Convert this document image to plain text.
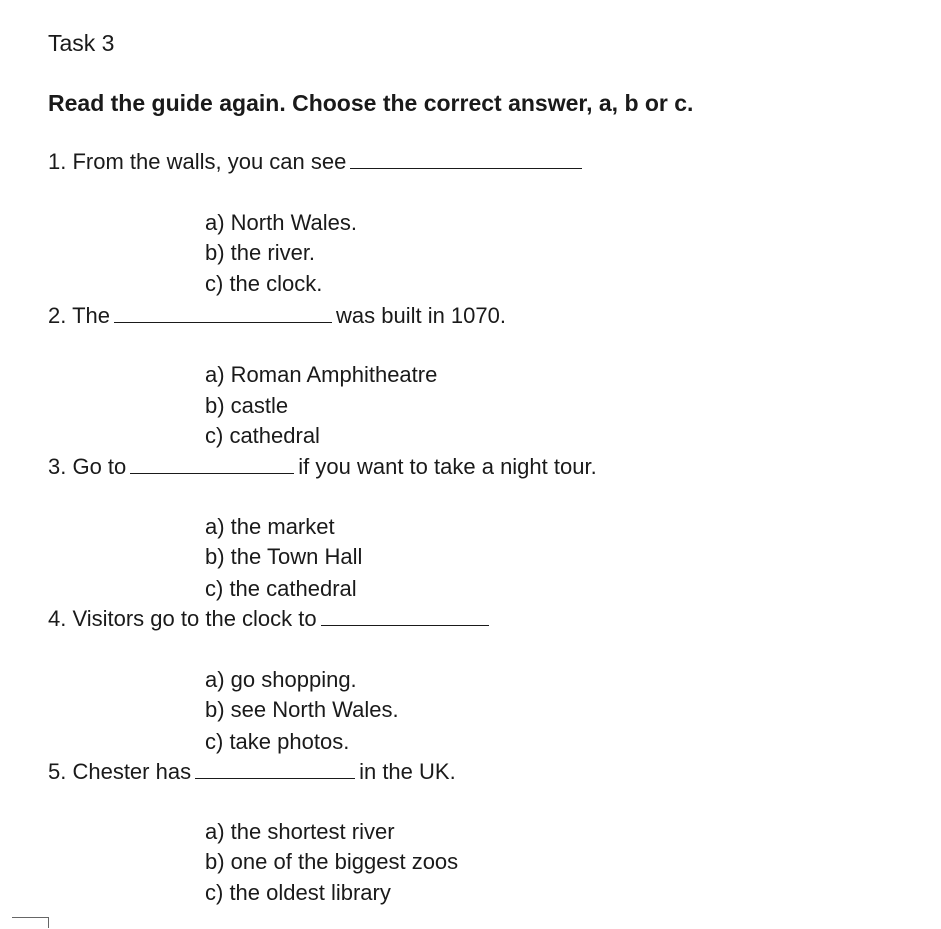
Task 3
Read the guide again. Choose the correct answer, a, b or c.
1. From the walls, you can see
a) North Wales.
b) the river.
c) the clock.
2. The	was built in 1070.
a) Roman Amphitheatre
b) castle
c) cathedral
3. Go to	if you want to take a night tour.
a) the market
b) the Town Hall
c) the cathedral
4. Visitors go to the clock to
a) go shopping.
b) see North Wales.
c) take photos.
5. Chester has	in the UK.
a) the shortest river
b) one of the biggest zoos
c) the oldest library
